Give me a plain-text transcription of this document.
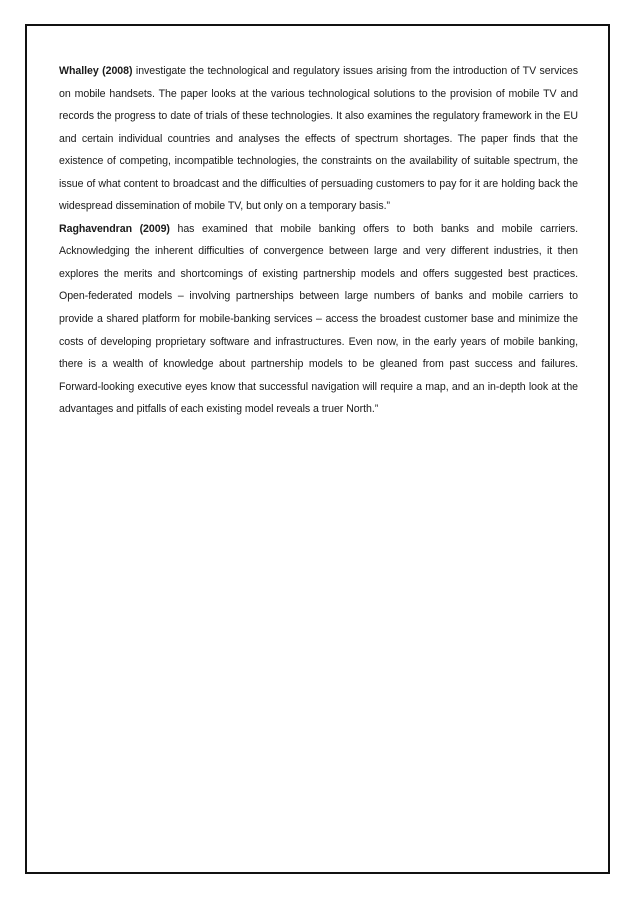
Whalley (2008) investigate the technological and regulatory issues arising from the introduction of TV services on mobile handsets. The paper looks at the various technological solutions to the provision of mobile TV and records the progress to date of trials of these technologies. It also examines the regulatory framework in the EU and certain individual countries and analyses the effects of spectrum shortages. The paper finds that the existence of competing, incompatible technologies, the constraints on the availability of suitable spectrum, the issue of what content to broadcast and the difficulties of persuading customers to pay for it are holding back the widespread dissemination of mobile TV, but only on a temporary basis.”

Raghavendran (2009) has examined that mobile banking offers to both banks and mobile carriers. Acknowledging the inherent difficulties of convergence between large and very different industries, it then explores the merits and shortcomings of existing partnership models and offers suggested best practices. Open-federated models – involving partnerships between large numbers of banks and mobile carriers to provide a shared platform for mobile-banking services – access the broadest customer base and minimize the costs of developing proprietary software and infrastructures. Even now, in the early years of mobile banking, there is a wealth of knowledge about partnership models to be gleaned from past success and failures. Forward-looking executive eyes know that successful navigation will require a map, and an in-depth look at the advantages and pitfalls of each existing model reveals a truer North.”
